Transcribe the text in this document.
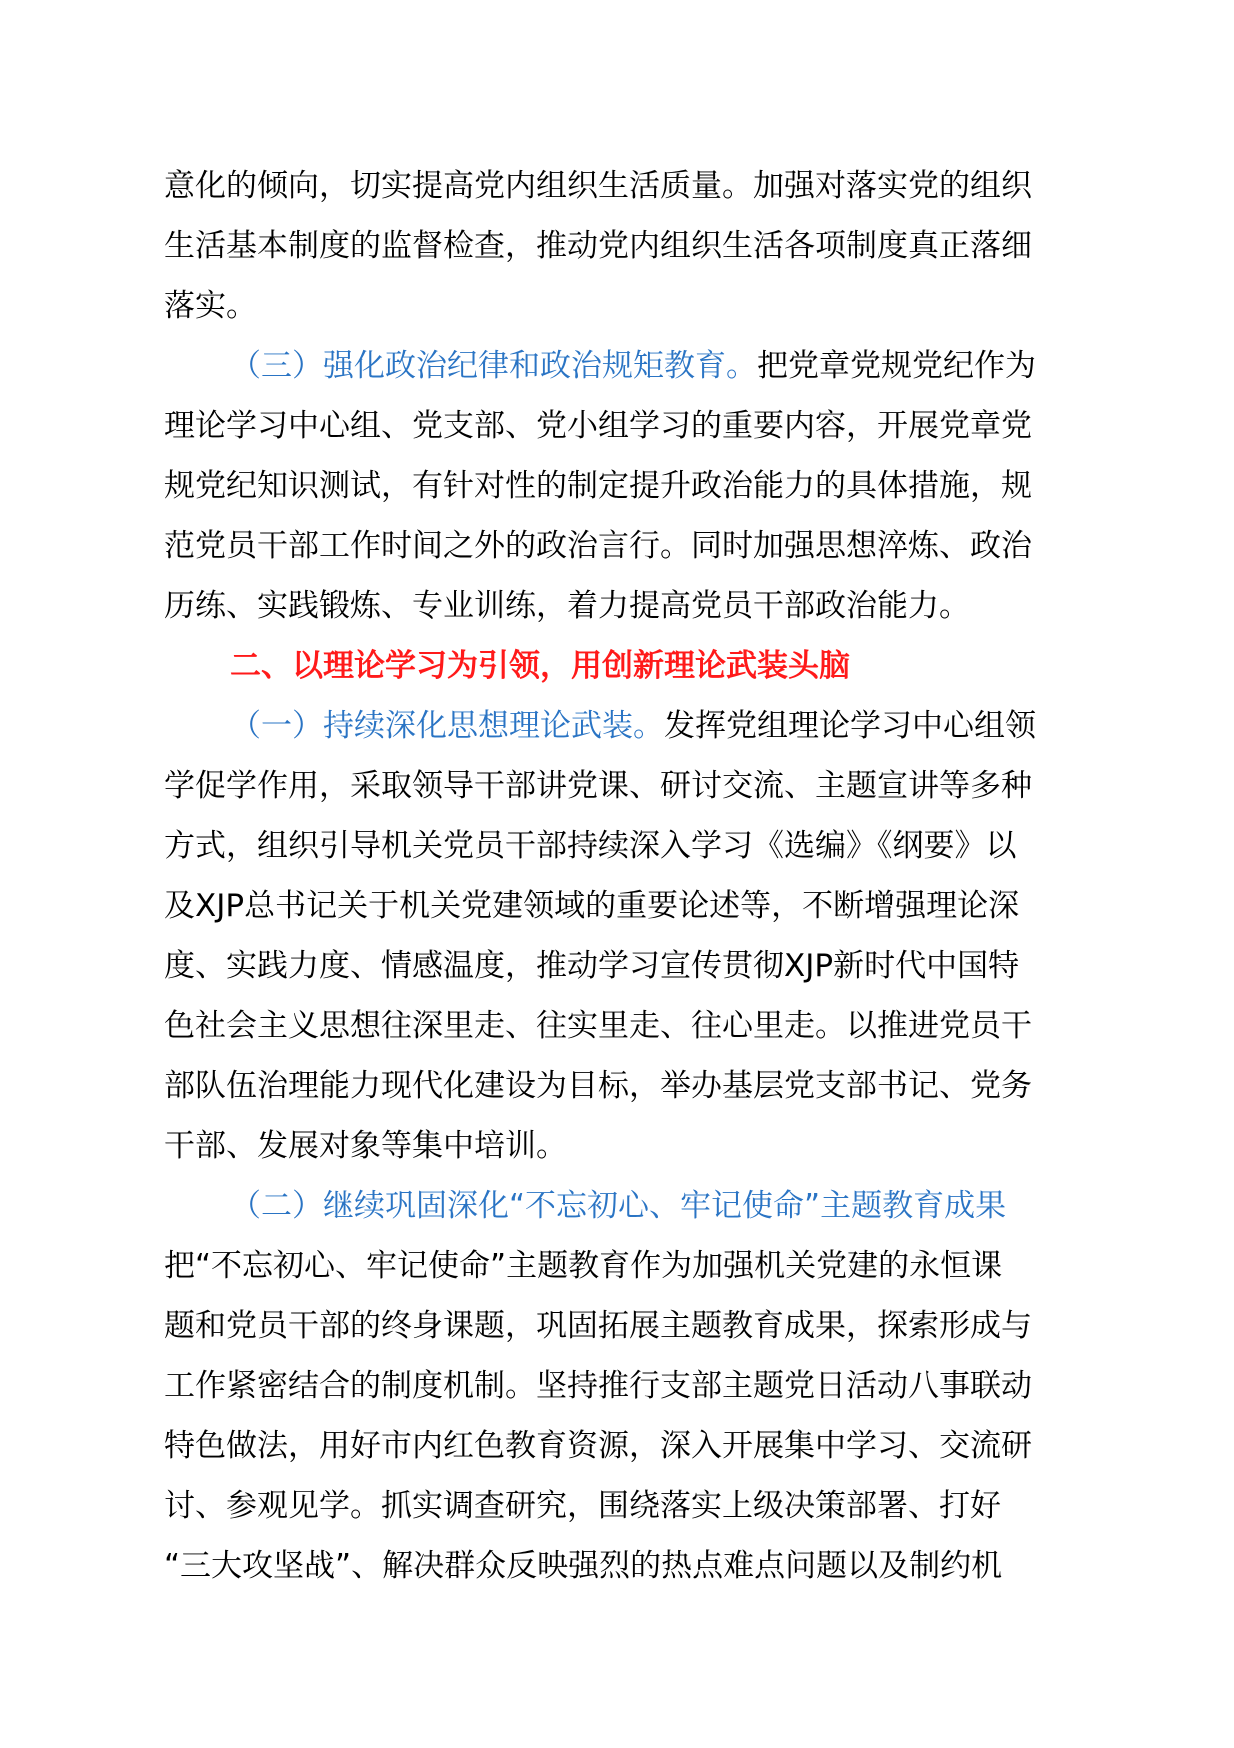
意化的倾向，切实提高党内组织生活质量。加强对落实党的组织
生活基本制度的监督检查，推动党内组织生活各项制度真正落细
落实。
（三）强化政治纪律和政治规矩教育。把党章党规党纪作为
理论学习中心组、党支部、党小组学习的重要内容，开展党章党
规党纪知识测试，有针对性的制定提升政治能力的具体措施，规
范党员干部工作时间之外的政治言行。同时加强思想淬炼、政治
历练、实践锻炼、专业训练，着力提高党员干部政治能力。
二、以理论学习为引领，用创新理论武装头脑
（一）持续深化思想理论武装。发挥党组理论学习中心组领
学促学作用，采取领导干部讲党课、研讨交流、主题宣讲等多种
方式，组织引导机关党员干部持续深入学习《选编》《纲要》以
及XJP总书记关于机关党建领域的重要论述等，不断增强理论深
度、实践力度、情感温度，推动学习宣传贯彻XJP新时代中国特
色社会主义思想往深里走、往实里走、往心里走。以推进党员干
部队伍治理能力现代化建设为目标，举办基层党支部书记、党务
干部、发展对象等集中培训。
（二）继续巩固深化“不忘初心、牢记使命”主题教育成果
把“不忘初心、牢记使命”主题教育作为加强机关党建的永恒课
题和党员干部的终身课题，巩固拓展主题教育成果，探索形成与
工作紧密结合的制度机制。坚持推行支部主题党日活动八事联动
特色做法，用好市内红色教育资源，深入开展集中学习、交流研
讨、参观见学。抓实调查研究，围绕落实上级决策部署、打好
“三大攻坚战”、解决群众反映强烈的热点难点问题以及制约机
